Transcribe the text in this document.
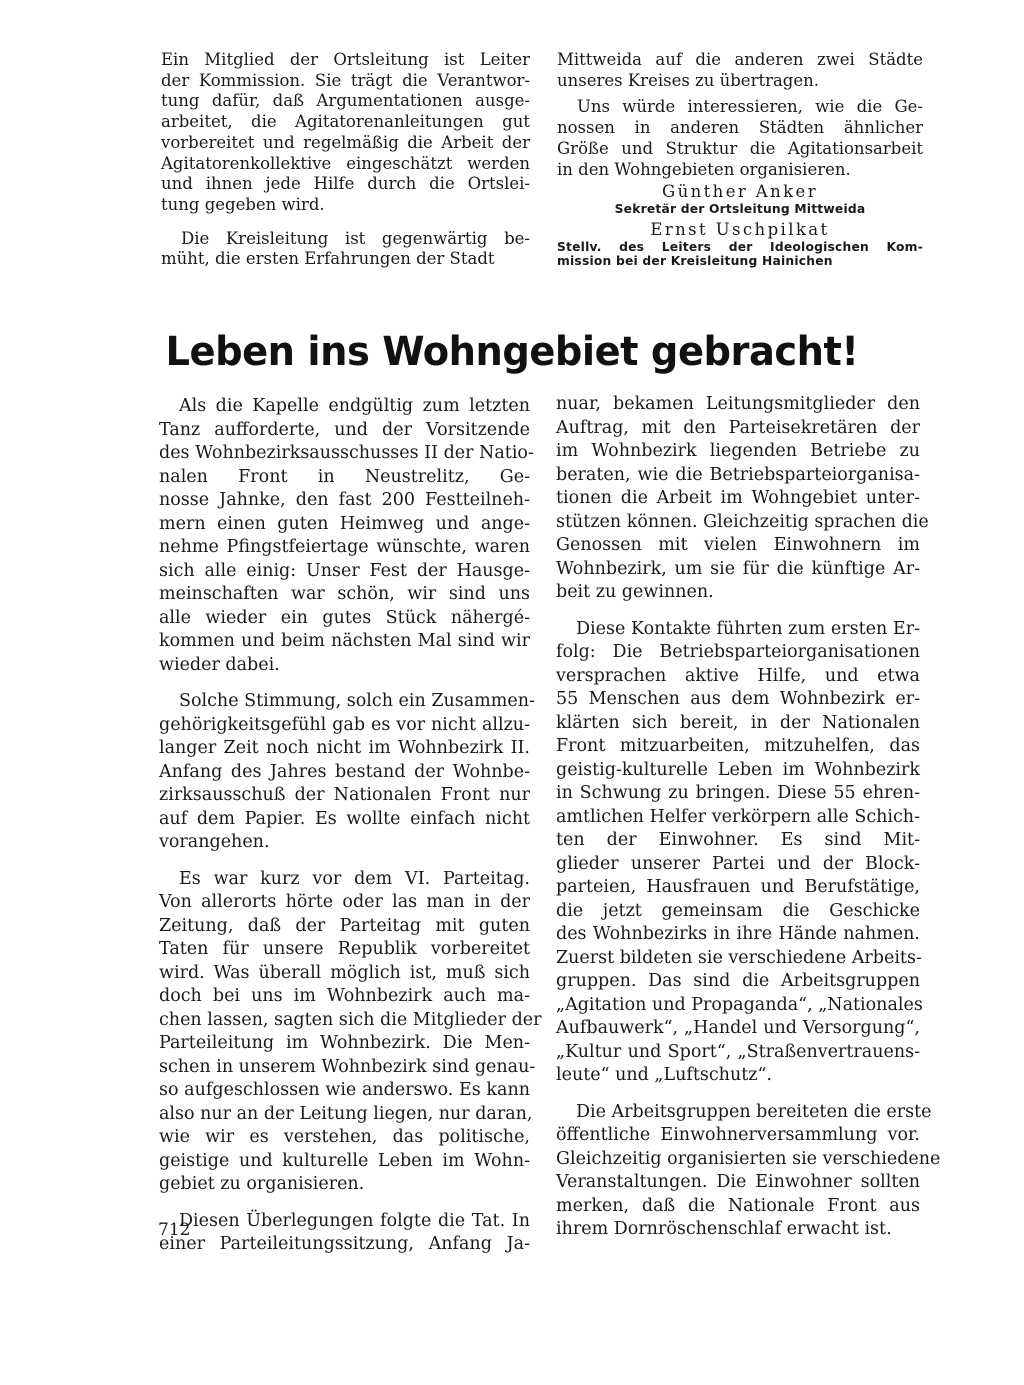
Ein Mitglied der Ortsleitung ist Leiter
der Kommission. Sie trägt die Verantwor-
tung dafür, daß Argumentationen ausge-
arbeitet, die Agitatorenanleitungen gut
vorbereitet und regelmäßig die Arbeit der
Agitatorenkollektive eingeschätzt werden
und ihnen jede Hilfe durch die Ortslei-
tung gegeben wird.

Die Kreisleitung ist gegenwärtig be-
müht, die ersten Erfahrungen der Stadt

Mittweida auf die anderen zwei Städte
unseres Kreises zu übertragen.

Uns würde interessieren, wie die Ge-
nossen in anderen Städten ähnlicher
Größe und Struktur die Agitationsarbeit
in den Wohngebieten organisieren.

Günther Anker
Sekretär der Ortsleitung Mittweida
Ernst Uschpilkat
Stellv. des Leiters der Ideologischen Kom-
mission bei der Kreisleitung Hainichen
Leben ins Wohngebiet gebracht!

Als die Kapelle endgültig zum letzten
Tanz aufforderte, und der Vorsitzende
des Wohnbezirksausschusses II der Natio-
nalen Front in Neustrelitz, Ge-
nosse Jahnke, den fast 200 Festteilneh-
mern einen guten Heimweg und ange-
nehme Pfingstfeiertage wünschte, waren
sich alle einig: Unser Fest der Hausge-
meinschaften war schön, wir sind uns
alle wieder ein gutes Stück nähergé-
kommen und beim nächsten Mal sind wir
wieder dabei.

Solche Stimmung, solch ein Zusammen-
gehörigkeitsgefühl gab es vor nicht allzu-
langer Zeit noch nicht im Wohnbezirk II.
Anfang des Jahres bestand der Wohnbe-
zirksausschuß der Nationalen Front nur
auf dem Papier. Es wollte einfach nicht
vorangehen.

Es war kurz vor dem VI. Parteitag.
Von allerorts hörte oder las man in der
Zeitung, daß der Parteitag mit guten
Taten für unsere Republik vorbereitet
wird. Was überall möglich ist, muß sich
doch bei uns im Wohnbezirk auch ma-
chen lassen, sagten sich die Mitglieder der
Parteileitung im Wohnbezirk. Die Men-
schen in unserem Wohnbezirk sind genau-
so aufgeschlossen wie anderswo. Es kann
also nur an der Leitung liegen, nur daran,
wie wir es verstehen, das politische,
geistige und kulturelle Leben im Wohn-
gebiet zu organisieren.

Diesen Überlegungen folgte die Tat. In
einer Parteileitungssitzung, Anfang Ja-

nuar, bekamen Leitungsmitglieder den
Auftrag, mit den Parteisekretären der
im Wohnbezirk liegenden Betriebe zu
beraten, wie die Betriebsparteiorganisa-
tionen die Arbeit im Wohngebiet unter-
stützen können. Gleichzeitig sprachen die
Genossen mit vielen Einwohnern im
Wohnbezirk, um sie für die künftige Ar-
beit zu gewinnen.

Diese Kontakte führten zum ersten Er-
folg: Die Betriebsparteiorganisationen
versprachen aktive Hilfe, und etwa
55 Menschen aus dem Wohnbezirk er-
klärten sich bereit, in der Nationalen
Front mitzuarbeiten, mitzuhelfen, das
geistig-kulturelle Leben im Wohnbezirk
in Schwung zu bringen. Diese 55 ehren-
amtlichen Helfer verkörpern alle Schich-
ten der Einwohner. Es sind Mit-
glieder unserer Partei und der Block-
parteien, Hausfrauen und Berufstätige,
die jetzt gemeinsam die Geschicke
des Wohnbezirks in ihre Hände nahmen.
Zuerst bildeten sie verschiedene Arbeits-
gruppen. Das sind die Arbeitsgruppen
„Agitation und Propaganda“, „Nationales
Aufbauwerk“, „Handel und Versorgung“,
„Kultur und Sport“, „Straßenvertrauens-
leute“ und „Luftschutz“.

Die Arbeitsgruppen bereiteten die erste
öffentliche Einwohnerversammlung vor.
Gleichzeitig organisierten sie verschiedene
Veranstaltungen. Die Einwohner sollten
merken, daß die Nationale Front aus
ihrem Dornröschenschlaf erwacht ist.

712
